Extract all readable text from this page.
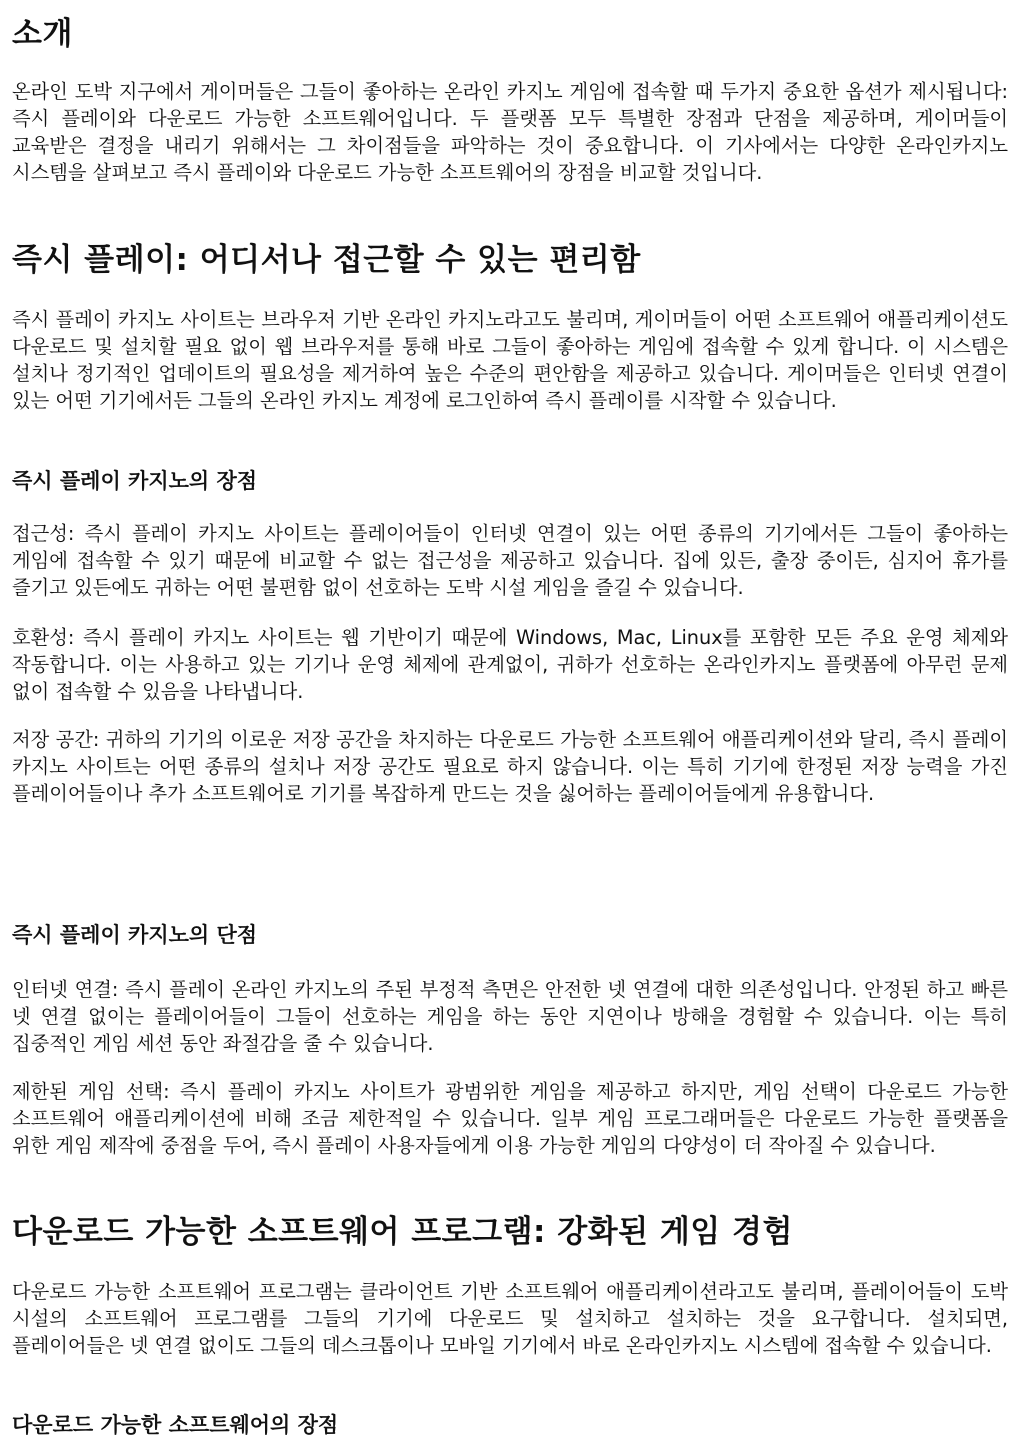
소개

온라인 도박 지구에서 게이머들은 그들이 좋아하는 온라인 카지노 게임에 접속할 때 두가지 중요한 옵션가 제시됩니다: 즉시 플레이와 다운로드 가능한 소프트웨어입니다. 두 플랫폼 모두 특별한 장점과 단점을 제공하며, 게이머들이 교육받은 결정을 내리기 위해서는 그 차이점들을 파악하는 것이 중요합니다. 이 기사에서는 다양한 온라인카지노 시스템을 살펴보고 즉시 플레이와 다운로드 가능한 소프트웨어의 장점을 비교할 것입니다.

즉시 플레이: 어디서나 접근할 수 있는 편리함

즉시 플레이 카지노 사이트는 브라우저 기반 온라인 카지노라고도 불리며, 게이머들이 어떤 소프트웨어 애플리케이션도 다운로드 및 설치할 필요 없이 웹 브라우저를 통해 바로 그들이 좋아하는 게임에 접속할 수 있게 합니다. 이 시스템은 설치나 정기적인 업데이트의 필요성을 제거하여 높은 수준의 편안함을 제공하고 있습니다. 게이머들은 인터넷 연결이 있는 어떤 기기에서든 그들의 온라인 카지노 계정에 로그인하여 즉시 플레이를 시작할 수 있습니다.

즉시 플레이 카지노의 장점

접근성: 즉시 플레이 카지노 사이트는 플레이어들이 인터넷 연결이 있는 어떤 종류의 기기에서든 그들이 좋아하는 게임에 접속할 수 있기 때문에 비교할 수 없는 접근성을 제공하고 있습니다. 집에 있든, 출장 중이든, 심지어 휴가를 즐기고 있든에도 귀하는 어떤 불편함 없이 선호하는 도박 시설 게임을 즐길 수 있습니다.

호환성: 즉시 플레이 카지노 사이트는 웹 기반이기 때문에 Windows, Mac, Linux를 포함한 모든 주요 운영 체제와 작동합니다. 이는 사용하고 있는 기기나 운영 체제에 관계없이, 귀하가 선호하는 온라인카지노 플랫폼에 아무런 문제 없이 접속할 수 있음을 나타냅니다.

저장 공간: 귀하의 기기의 이로운 저장 공간을 차지하는 다운로드 가능한 소프트웨어 애플리케이션와 달리, 즉시 플레이 카지노 사이트는 어떤 종류의 설치나 저장 공간도 필요로 하지 않습니다. 이는 특히 기기에 한정된 저장 능력을 가진 플레이어들이나 추가 소프트웨어로 기기를 복잡하게 만드는 것을 싫어하는 플레이어들에게 유용합니다.

즉시 플레이 카지노의 단점

인터넷 연결: 즉시 플레이 온라인 카지노의 주된 부정적 측면은 안전한 넷 연결에 대한 의존성입니다. 안정된 하고 빠른 넷 연결 없이는 플레이어들이 그들이 선호하는 게임을 하는 동안 지연이나 방해을 경험할 수 있습니다. 이는 특히 집중적인 게임 세션 동안 좌절감을 줄 수 있습니다.

제한된 게임 선택: 즉시 플레이 카지노 사이트가 광범위한 게임을 제공하고 하지만, 게임 선택이 다운로드 가능한 소프트웨어 애플리케이션에 비해 조금 제한적일 수 있습니다. 일부 게임 프로그래머들은 다운로드 가능한 플랫폼을 위한 게임 제작에 중점을 두어, 즉시 플레이 사용자들에게 이용 가능한 게임의 다양성이 더 작아질 수 있습니다.

다운로드 가능한 소프트웨어 프로그램: 강화된 게임 경험

다운로드 가능한 소프트웨어 프로그램는 클라이언트 기반 소프트웨어 애플리케이션라고도 불리며, 플레이어들이 도박 시설의 소프트웨어 프로그램를 그들의 기기에 다운로드 및 설치하고 설치하는 것을 요구합니다. 설치되면, 플레이어들은 넷 연결 없이도 그들의 데스크톱이나 모바일 기기에서 바로 온라인카지노 시스템에 접속할 수 있습니다.

다운로드 가능한 소프트웨어의 장점
